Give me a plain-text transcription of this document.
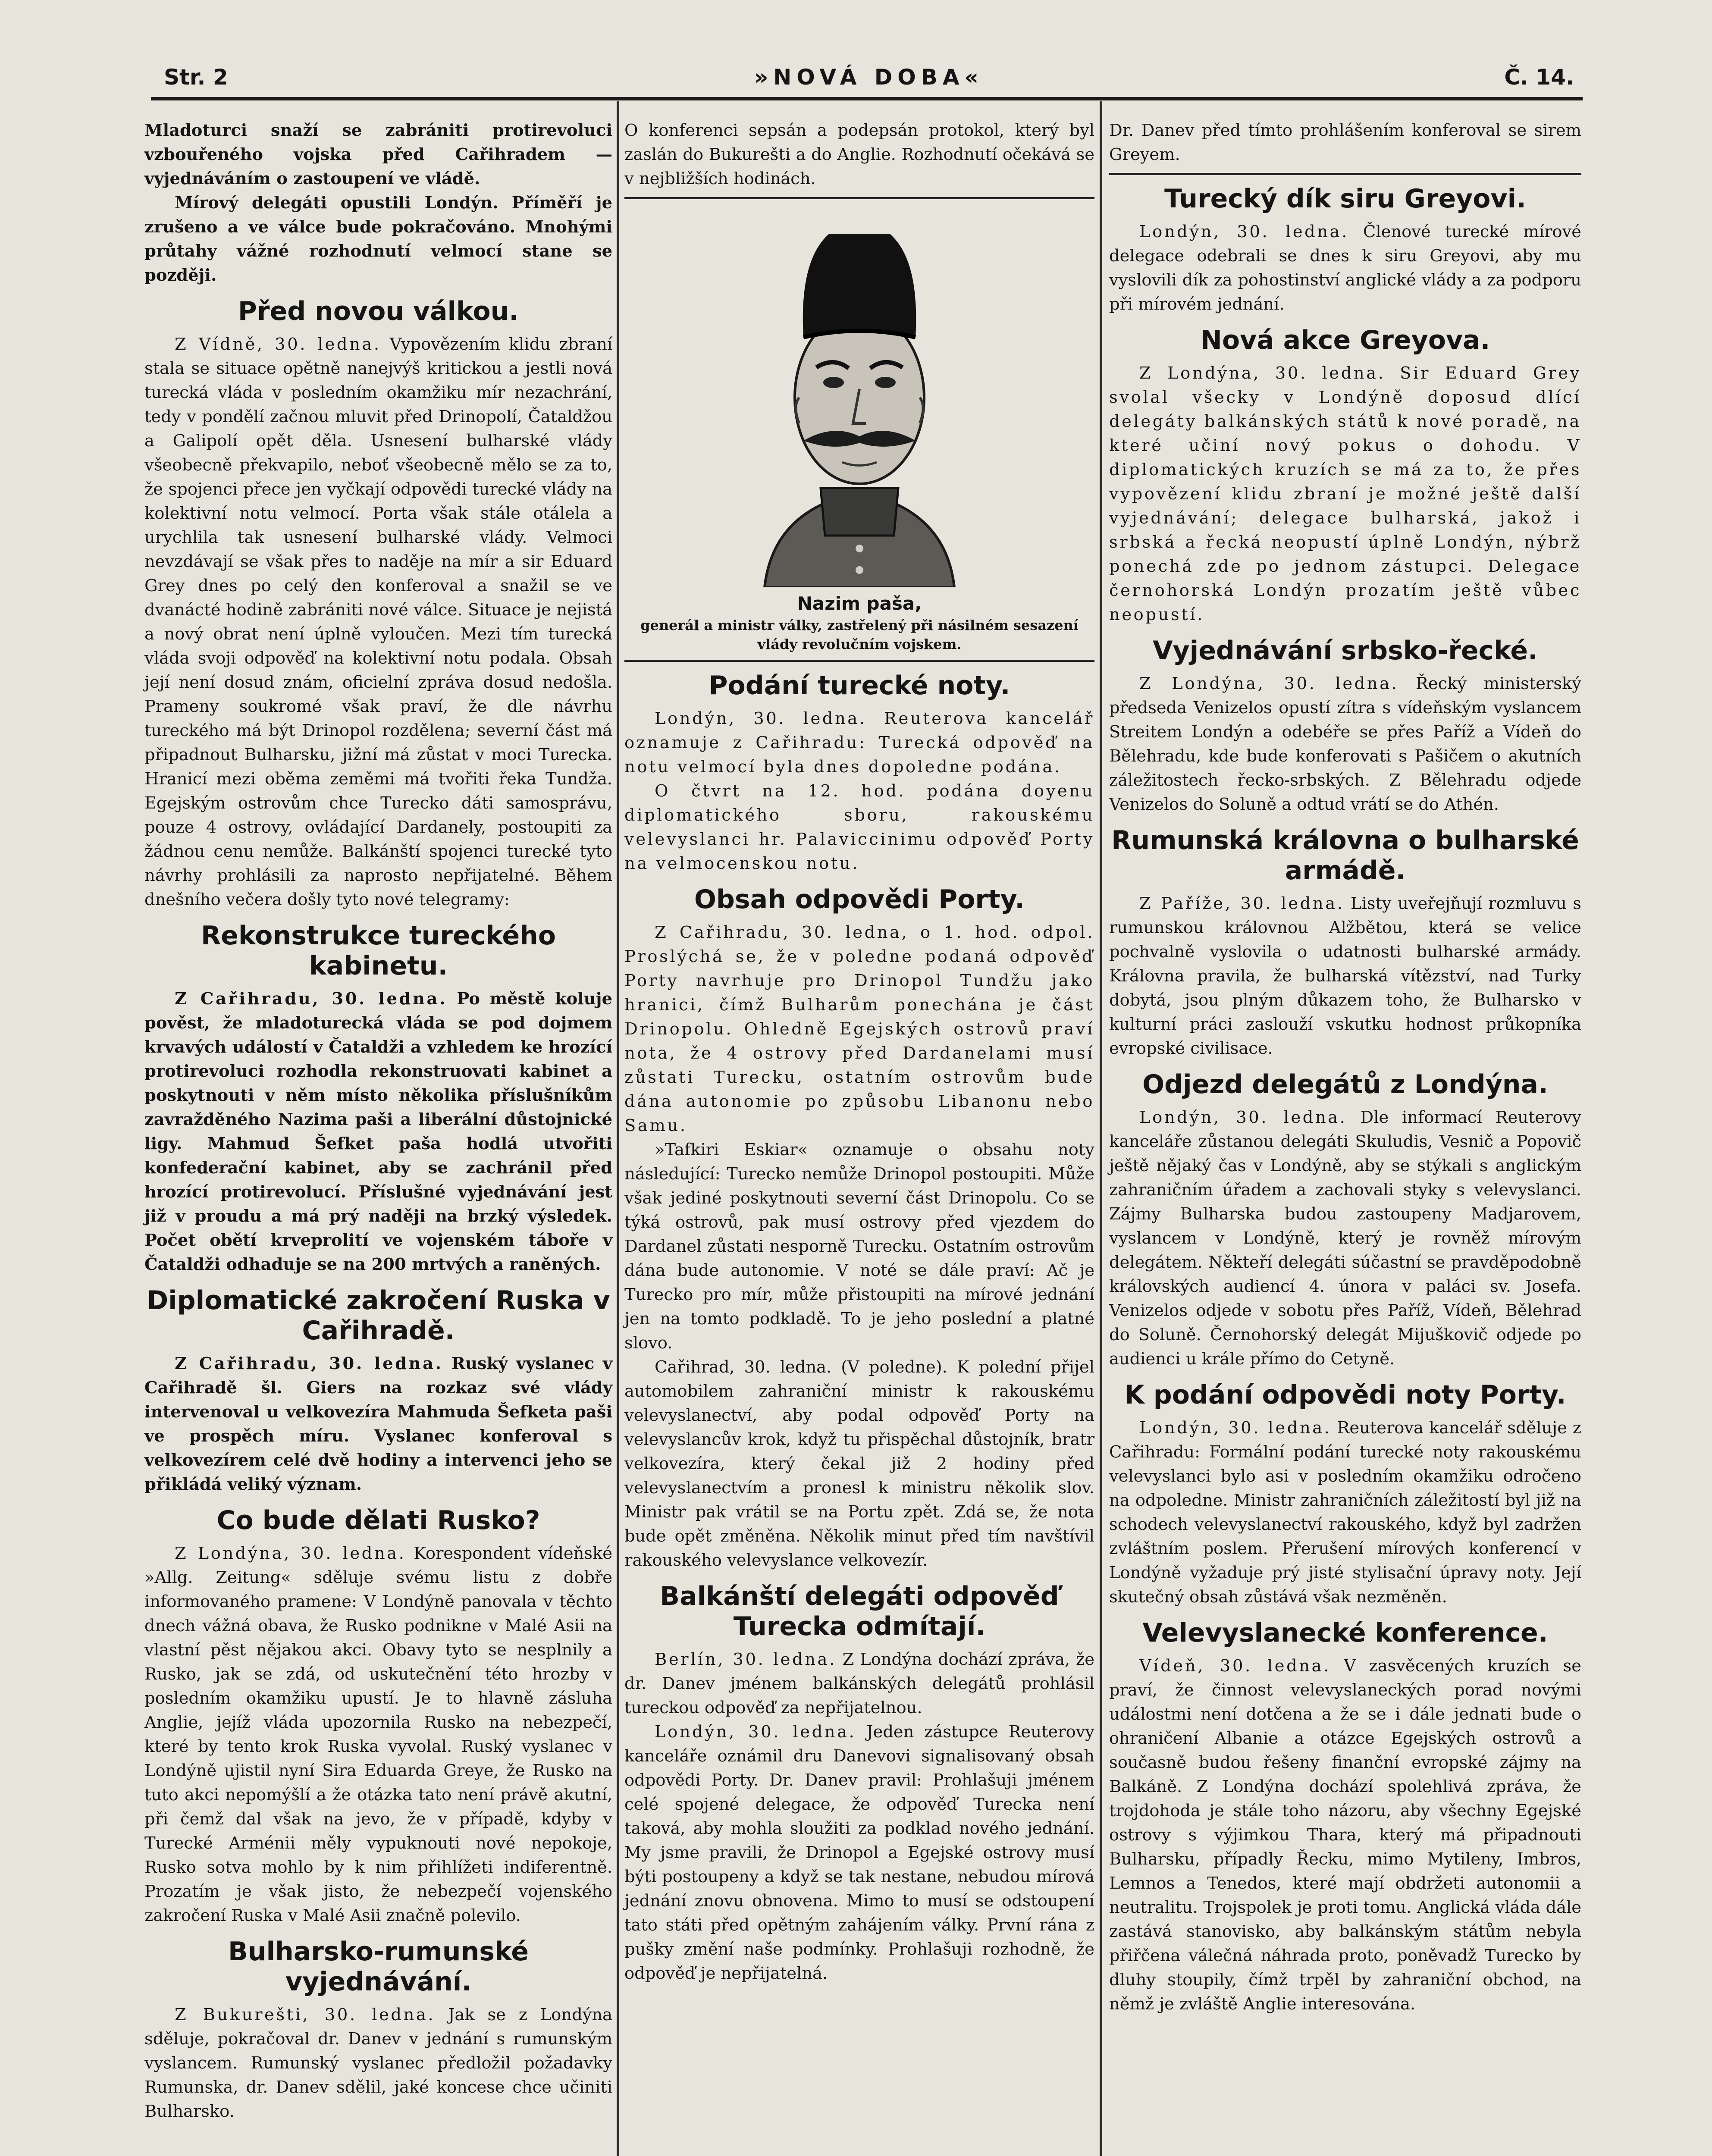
Str. 2	»NOVÁ DOBA«	Č. 14.

Mladoturci snaží se zabrániti protirevoluci vzbouřeného vojska před Cařihradem — vyjednáváním o zastoupení ve vládě.

Mírový delegáti opustili Londýn. Příměří je zrušeno a ve válce bude pokračováno. Mnohými průtahy vážné rozhodnutí velmocí stane se později.

Před novou válkou.

Z Vídně, 30. ledna. Vypovězením klidu zbraní stala se situace opětně nanejvýš kritickou a jestli nová turecká vláda v posledním okamžiku mír nezachrání, tedy v pondělí začnou mluvit před Drinopolí, Čataldžou a Galipolí opět děla. Usnesení bulharské vlády všeobecně překvapilo, neboť všeobecně mělo se za to, že spojenci přece jen vyčkají odpovědi turecké vlády na kolektivní notu velmocí. Porta však stále otálela a urychlila tak usnesení bulharské vlády. Velmoci nevzdávají se však přes to naděje na mír a sir Eduard Grey dnes po celý den konferoval a snažil se ve dvanácté hodině zabrániti nové válce. Situace je nejistá a nový obrat není úplně vyloučen. Mezi tím turecká vláda svoji odpověď na kolektivní notu podala. Obsah její není dosud znám, oficielní zpráva dosud nedošla. Prameny soukromé však praví, že dle návrhu tureckého má být Drinopol rozdělena; severní část má připadnout Bulharsku, jižní má zůstat v moci Turecka. Hranicí mezi oběma zeměmi má tvořiti řeka Tundža. Egejským ostrovům chce Turecko dáti samosprávu, pouze 4 ostrovy, ovládající Dardanely, postoupiti za žádnou cenu nemůže. Balkánští spojenci turecké tyto návrhy prohlásili za naprosto nepřijatelné. Během dnešního večera došly tyto nové telegramy:

Rekonstrukce tureckého kabinetu.

Z Cařihradu, 30. ledna. Po městě koluje pověst, že mladoturecká vláda se pod dojmem krvavých událostí v Čataldži a vzhledem ke hrozící protirevoluci rozhodla rekonstruovati kabinet a poskytnouti v něm místo několika příslušníkům zavražděného Nazima paši a liberální důstojnické ligy. Mahmud Šefket paša hodlá utvořiti konfederační kabinet, aby se zachránil před hrozící protirevolucí. Příslušné vyjednávání jest již v proudu a má prý naději na brzký výsledek. Počet obětí krveprolití ve vojenském táboře v Čataldži odhaduje se na 200 mrtvých a raněných.

Diplomatické zakročení Ruska v Cařihradě.

Z Cařihradu, 30. ledna. Ruský vyslanec v Cařihradě šl. Giers na rozkaz své vlády intervenoval u velkovezíra Mahmuda Šefketa paši ve prospěch míru. Vyslanec konferoval s velkovezírem celé dvě hodiny a intervenci jeho se přikládá veliký význam.

Co bude dělati Rusko?

Z Londýna, 30. ledna. Korespondent vídeňské »Allg. Zeitung« sděluje svému listu z dobře informovaného pramene: V Londýně panovala v těchto dnech vážná obava, že Rusko podnikne v Malé Asii na vlastní pěst nějakou akci. Obavy tyto se nesplnily a Rusko, jak se zdá, od uskutečnění této hrozby v posledním okamžiku upustí. Je to hlavně zásluha Anglie, jejíž vláda upozornila Rusko na nebezpečí, které by tento krok Ruska vyvolal. Ruský vyslanec v Londýně ujistil nyní Sira Eduarda Greye, že Rusko na tuto akci nepomýšlí a že otázka tato není právě akutní, při čemž dal však na jevo, že v případě, kdyby v Turecké Arménii měly vypuknouti nové nepokoje, Rusko sotva mohlo by k nim přihlížeti indiferentně. Prozatím je však jisto, že nebezpečí vojenského zakročení Ruska v Malé Asii značně polevilo.

Bulharsko-rumunské vyjednávání.

Z Bukurešti, 30. ledna. Jak se z Londýna sděluje, pokračoval dr. Danev v jednání s rumunským vyslancem. Rumunský vyslanec předložil požadavky Rumunska, dr. Danev sdělil, jaké koncese chce učiniti Bulharsko.

O konferenci sepsán a podepsán protokol, který byl zaslán do Bukurešti a do Anglie. Rozhodnutí očekává se v nejbližších hodinách.

Nazim paša,
generál a ministr války, zastřelený při násilném sesazení vlády revolučním vojskem.
Podání turecké noty.

Londýn, 30. ledna. Reuterova kancelář oznamuje z Cařihradu: Turecká odpověď na notu velmocí byla dnes dopoledne podána.

O čtvrt na 12. hod. podána doyenu diplomatického sboru, rakouskému velevyslanci hr. Palaviccinimu odpověď Porty na velmocenskou notu.

Obsah odpovědi Porty.

Z Cařihradu, 30. ledna, o 1. hod. odpol. Proslýchá se, že v poledne podaná odpověď Porty navrhuje pro Drinopol Tundžu jako hranici, čímž Bulharům ponechána je část Drinopolu. Ohledně Egejských ostrovů praví nota, že 4 ostrovy před Dardanelami musí zůstati Turecku, ostatním ostrovům bude dána autonomie po způsobu Libanonu nebo Samu.

»Tafkiri Eskiar« oznamuje o obsahu noty následující: Turecko nemůže Drinopol postoupiti. Může však jediné poskytnouti severní část Drinopolu. Co se týká ostrovů, pak musí ostrovy před vjezdem do Dardanel zůstati nesporně Turecku. Ostatním ostrovům dána bude autonomie. V noté se dále praví: Ač je Turecko pro mír, může přistoupiti na mírové jednání jen na tomto podkladě. To je jeho poslední a platné slovo.

Cařihrad, 30. ledna. (V poledne). K polední přijel automobilem zahraniční ministr k rakouskému velevyslanectví, aby podal odpověď Porty na velevyslancův krok, když tu přispěchal důstojník, bratr velkovezíra, který čekal již 2 hodiny před velevyslanectvím a pronesl k ministru několik slov. Ministr pak vrátil se na Portu zpět. Zdá se, že nota bude opět změněna. Několik minut před tím navštívil rakouského velevyslance velkovezír.

Balkánští delegáti odpověď Turecka odmítají.

Berlín, 30. ledna. Z Londýna dochází zpráva, že dr. Danev jménem balkánských delegátů prohlásil tureckou odpověď za nepřijatelnou.

Londýn, 30. ledna. Jeden zástupce Reuterovy kanceláře oznámil dru Danevovi signalisovaný obsah odpovědi Porty. Dr. Danev pravil: Prohlašuji jménem celé spojené delegace, že odpověď Turecka není taková, aby mohla sloužiti za podklad nového jednání. My jsme pravili, že Drinopol a Egejské ostrovy musí býti postoupeny a když se tak nestane, nebudou mírová jednání znovu obnovena. Mimo to musí se odstoupení tato státi před opětným zahájením války. První rána z pušky změní naše podmínky. Prohlašuji rozhodně, že odpověď je nepřijatelná.

Dr. Danev před tímto prohlášením konferoval se sirem Greyem.

Turecký dík siru Greyovi.

Londýn, 30. ledna. Členové turecké mírové delegace odebrali se dnes k siru Greyovi, aby mu vyslovili dík za pohostinství anglické vlády a za podporu při mírovém jednání.

Nová akce Greyova.

Z Londýna, 30. ledna. Sir Eduard Grey svolal všecky v Londýně doposud dlící delegáty balkánských států k nové poradě, na které učiní nový pokus o dohodu. V diplomatických kruzích se má za to, že přes vypovězení klidu zbraní je možné ještě další vyjednávání; delegace bulharská, jakož i srbská a řecká neopustí úplně Londýn, nýbrž ponechá zde po jednom zástupci. Delegace černohorská Londýn prozatím ještě vůbec neopustí.

Vyjednávání srbsko-řecké.

Z Londýna, 30. ledna. Řecký ministerský předseda Venizelos opustí zítra s vídeňským vyslancem Streitem Londýn a odebéře se přes Paříž a Vídeň do Bělehradu, kde bude konferovati s Pašičem o akutních záležitostech řecko-srbských. Z Bělehradu odjede Venizelos do Soluně a odtud vrátí se do Athén.

Rumunská královna o bulharské armádě.

Z Paříže, 30. ledna. Listy uveřejňují rozmluvu s rumunskou královnou Alžbětou, která se velice pochvalně vyslovila o udatnosti bulharské armády. Královna pravila, že bulharská vítězství, nad Turky dobytá, jsou plným důkazem toho, že Bulharsko v kulturní práci zaslouží vskutku hodnost průkopníka evropské civilisace.

Odjezd delegátů z Londýna.

Londýn, 30. ledna. Dle informací Reuterovy kanceláře zůstanou delegáti Skuludis, Vesnič a Popovič ještě nějaký čas v Londýně, aby se stýkali s anglickým zahraničním úřadem a zachovali styky s velevyslanci. Zájmy Bulharska budou zastoupeny Madjarovem, vyslancem v Londýně, který je rovněž mírovým delegátem. Někteří delegáti súčastní se pravděpodobně královských audiencí 4. února v paláci sv. Josefa. Venizelos odjede v sobotu přes Paříž, Vídeň, Bělehrad do Soluně. Černohorský delegát Mijuškovič odjede po audienci u krále přímo do Cetyně.

K podání odpovědi noty Porty.

Londýn, 30. ledna. Reuterova kancelář sděluje z Cařihradu: Formální podání turecké noty rakouskému velevyslanci bylo asi v posledním okamžiku odročeno na odpoledne. Ministr zahraničních záležitostí byl již na schodech velevyslanectví rakouského, když byl zadržen zvláštním poslem. Přerušení mírových konferencí v Londýně vyžaduje prý jisté stylisační úpravy noty. Její skutečný obsah zůstává však nezměněn.

Velevyslanecké konference.

Vídeň, 30. ledna. V zasvěcených kruzích se praví, že činnost velevyslaneckých porad novými událostmi není dotčena a že se i dále jednati bude o ohraničení Albanie a otázce Egejských ostrovů a současně budou řešeny finanční evropské zájmy na Balkáně. Z Londýna dochází spolehlivá zpráva, že trojdohoda je stále toho názoru, aby všechny Egejské ostrovy s výjimkou Thara, který má připadnouti Bulharsku, případly Řecku, mimo Mytileny, Imbros, Lemnos a Tenedos, které mají obdržeti autonomii a neutralitu. Trojspolek je proti tomu. Anglická vláda dále zastává stanovisko, aby balkánským státům nebyla přiřčena válečná náhrada proto, poněvadž Turecko by dluhy stoupily, čímž trpěl by zahraniční obchod, na němž je zvláště Anglie interesována.
